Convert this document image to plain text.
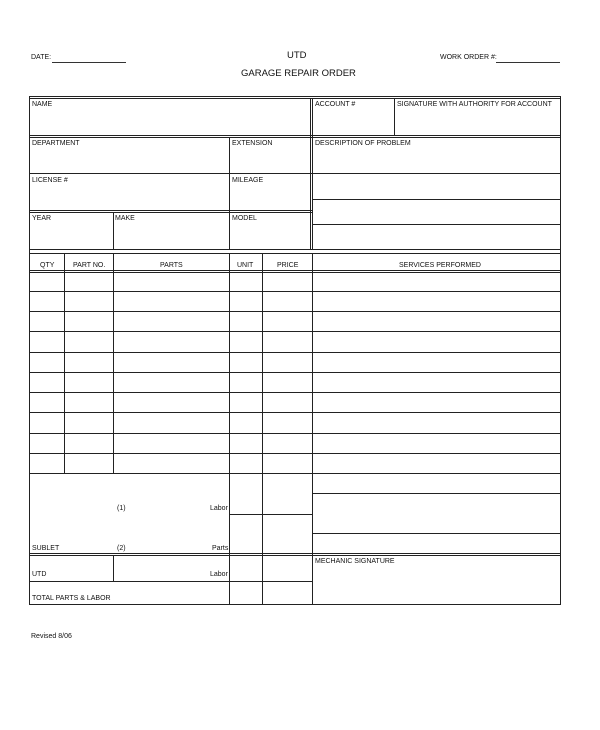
DATE:	UTD
GARAGE REPAIR ORDER
WORK ORDER #:
NAME	ACCOUNT #	SIGNATURE WITH AUTHORITY FOR ACCOUNT
DEPARTMENT	EXTENSION	DESCRIPTION OF PROBLEM
LICENSE #	MILEAGE
YEAR	MAKE	MODEL
QTY	PART NO.	PARTS	UNIT	PRICE	SERVICES PERFORMED
(1)	Labor
SUBLET	(2)	Parts
MECHANIC SIGNATURE
UTD	Labor
TOTAL PARTS & LABOR
Revised 8/06
